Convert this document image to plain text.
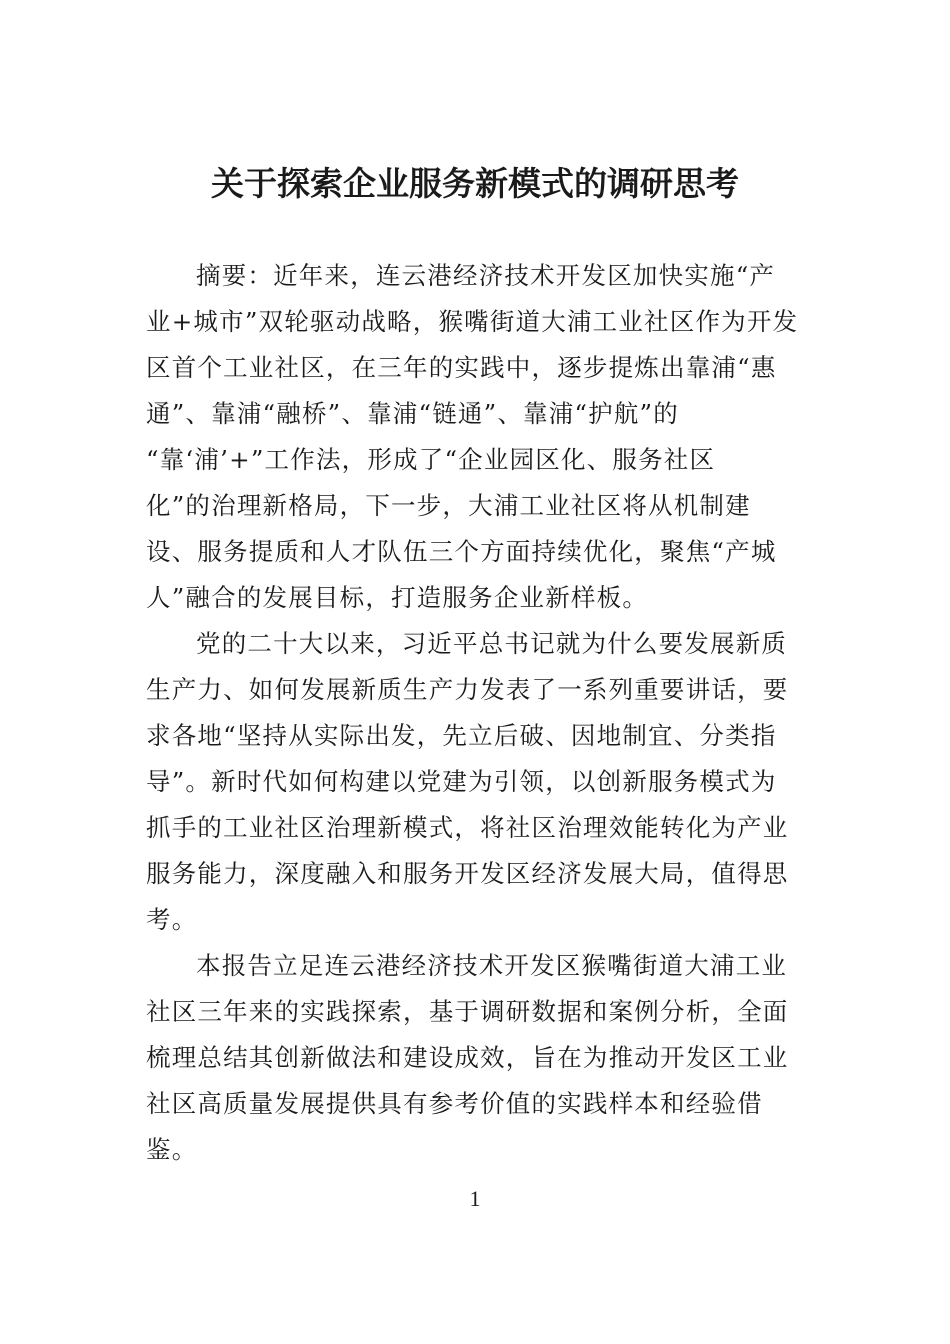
关于探索企业服务新模式的调研思考
摘要：近年来，连云港经济技术开发区加快实施“产
业+城市”双轮驱动战略，猴嘴街道大浦工业社区作为开发
区首个工业社区，在三年的实践中，逐步提炼出靠浦“惠
通”、靠浦“融桥”、靠浦“链通”、靠浦“护航”的
“靠‘浦’+”工作法，形成了“企业园区化、服务社区
化”的治理新格局，下一步，大浦工业社区将从机制建
设、服务提质和人才队伍三个方面持续优化，聚焦“产城
人”融合的发展目标，打造服务企业新样板。
党的二十大以来，习近平总书记就为什么要发展新质
生产力、如何发展新质生产力发表了一系列重要讲话，要
求各地“坚持从实际出发，先立后破、因地制宜、分类指
导”。新时代如何构建以党建为引领，以创新服务模式为
抓手的工业社区治理新模式，将社区治理效能转化为产业
服务能力，深度融入和服务开发区经济发展大局，值得思
考。
本报告立足连云港经济技术开发区猴嘴街道大浦工业
社区三年来的实践探索，基于调研数据和案例分析，全面
梳理总结其创新做法和建设成效，旨在为推动开发区工业
社区高质量发展提供具有参考价值的实践样本和经验借
鉴。
1
